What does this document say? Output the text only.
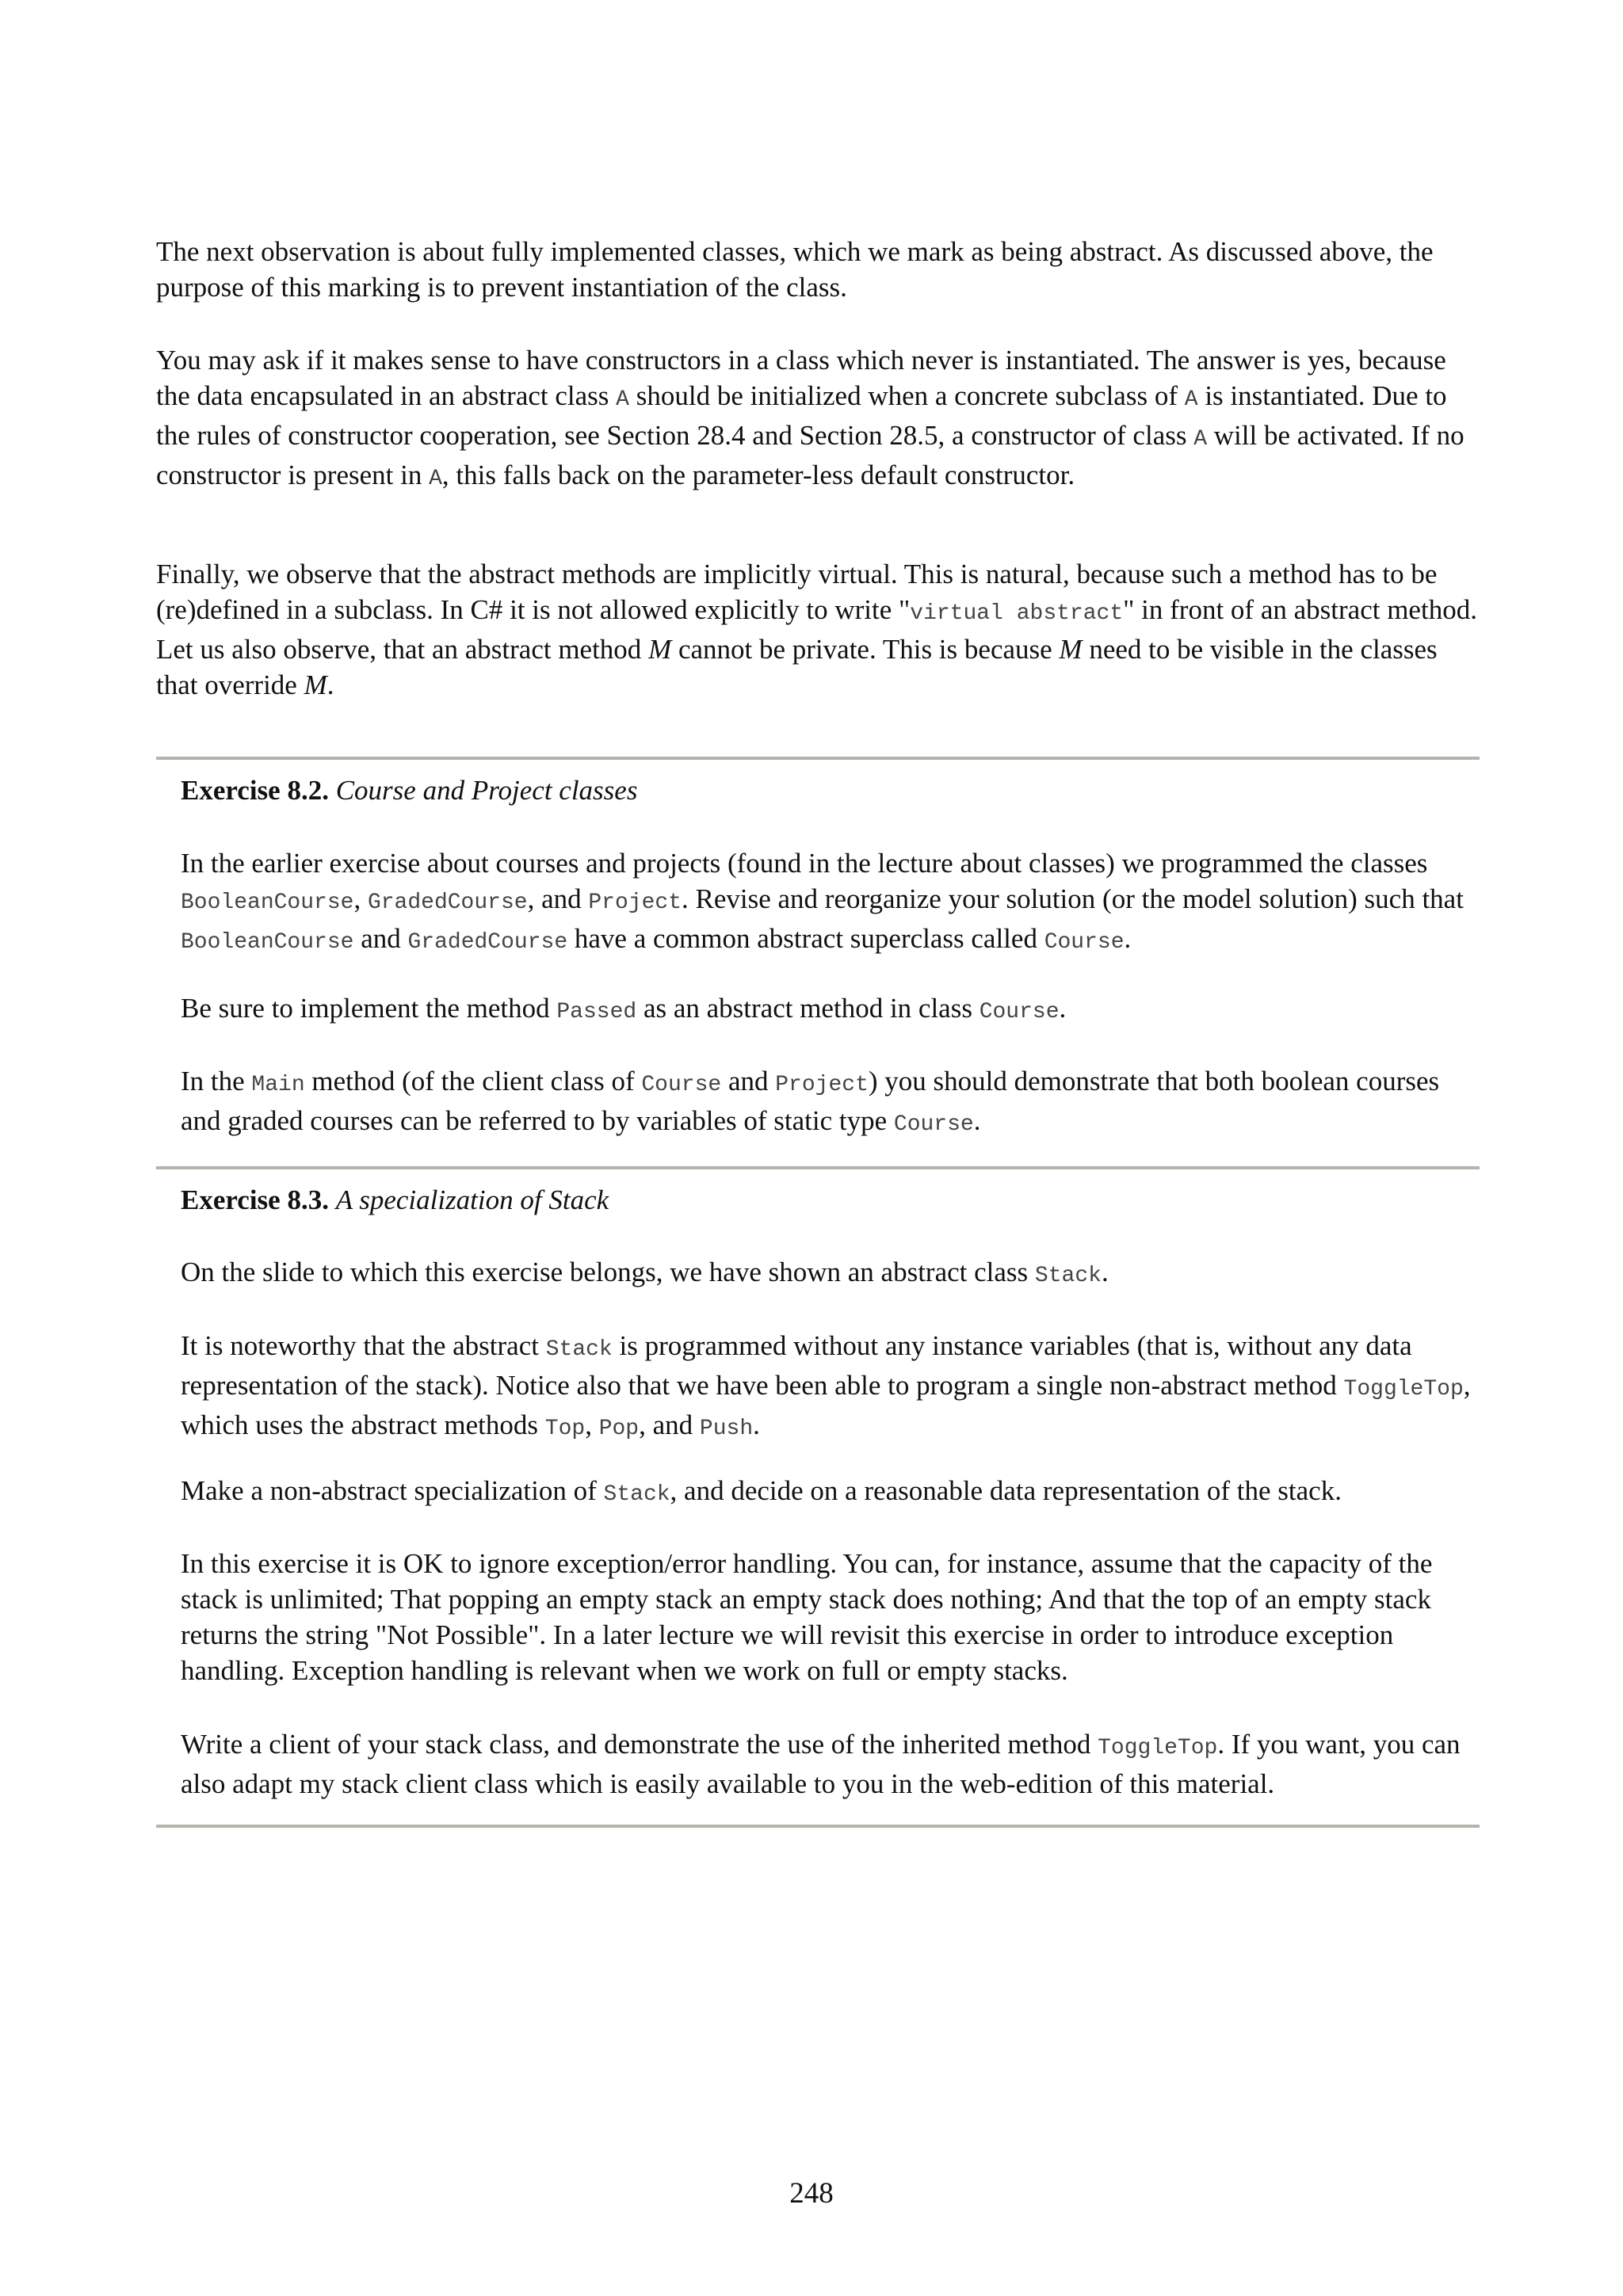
The next observation is about fully implemented classes, which we mark as being abstract. As discussed above, the purpose of this marking is to prevent instantiation of the class.

You may ask if it makes sense to have constructors in a class which never is instantiated. The answer is yes, because the data encapsulated in an abstract class A should be initialized when a concrete subclass of A is instantiated. Due to the rules of constructor cooperation, see Section 28.4 and Section 28.5, a constructor of class A will be activated. If no constructor is present in A, this falls back on the parameter-less default constructor.

Finally, we observe that the abstract methods are implicitly virtual. This is natural, because such a method has to be (re)defined in a subclass. In C# it is not allowed explicitly to write "virtual abstract" in front of an abstract method. Let us also observe, that an abstract method M cannot be private. This is because M need to be visible in the classes that override M.

Exercise 8.2. Course and Project classes

In the earlier exercise about courses and projects (found in the lecture about classes) we programmed the classes BooleanCourse, GradedCourse, and Project. Revise and reorganize your solution (or the model solution) such that BooleanCourse and GradedCourse have a common abstract superclass called Course.

Be sure to implement the method Passed as an abstract method in class Course.

In the Main method (of the client class of Course and Project) you should demonstrate that both boolean courses and graded courses can be referred to by variables of static type Course.

Exercise 8.3. A specialization of Stack

On the slide to which this exercise belongs, we have shown an abstract class Stack.

It is noteworthy that the abstract Stack is programmed without any instance variables (that is, without any data representation of the stack). Notice also that we have been able to program a single non-abstract method ToggleTop, which uses the abstract methods Top, Pop, and Push.

Make a non-abstract specialization of Stack, and decide on a reasonable data representation of the stack.

In this exercise it is OK to ignore exception/error handling. You can, for instance, assume that the capacity of the stack is unlimited; That popping an empty stack an empty stack does nothing; And that the top of an empty stack returns the string "Not Possible". In a later lecture we will revisit this exercise in order to introduce exception handling. Exception handling is relevant when we work on full or empty stacks.

Write a client of your stack class, and demonstrate the use of the inherited method ToggleTop. If you want, you can also adapt my stack client class which is easily available to you in the web-edition of this material.

248
